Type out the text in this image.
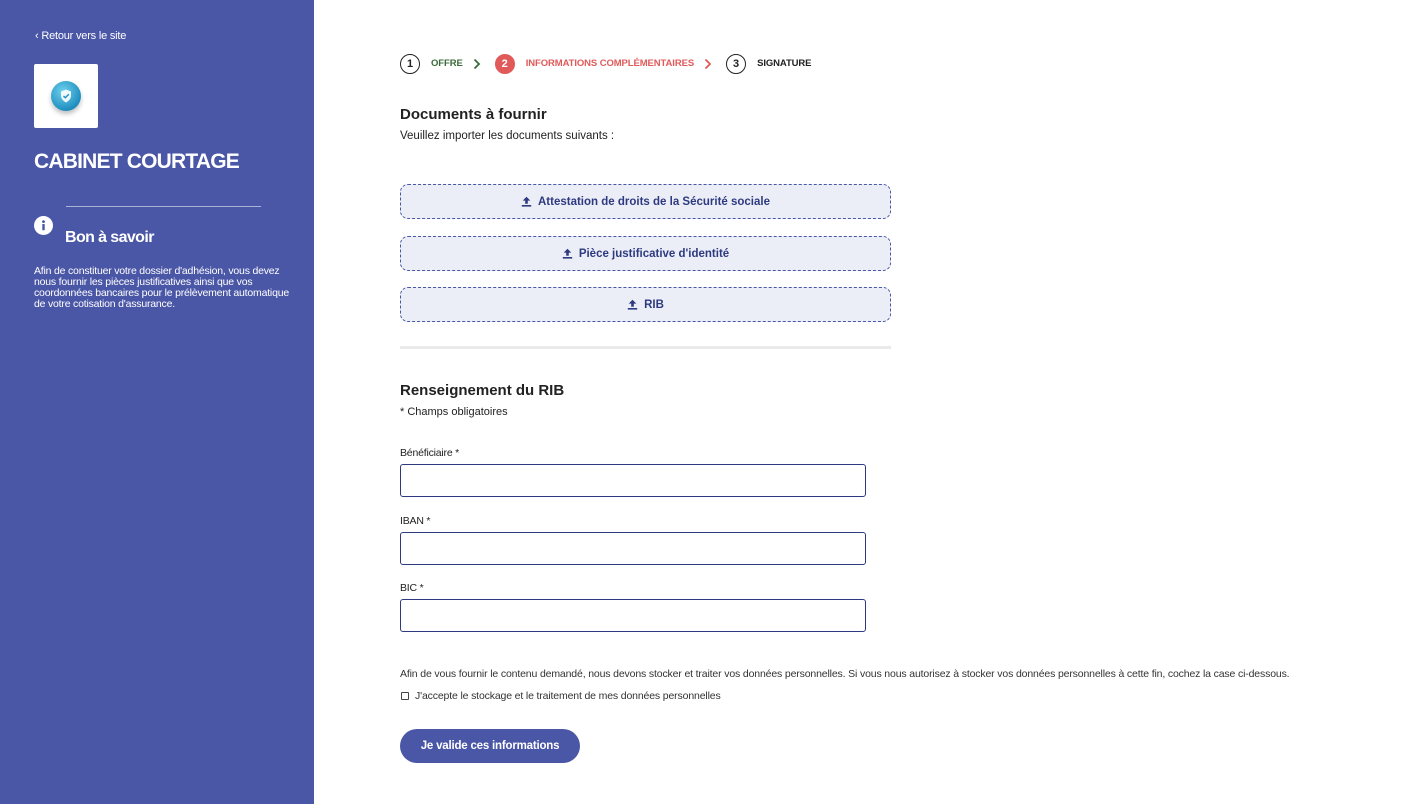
‹ Retour vers le site
CABINET COURTAGE
Bon à savoir

Afin de constituer votre dossier d'adhésion, vous devez nous fournir les pièces justificatives ainsi que vos coordonnées bancaires pour le prélèvement automatique de votre cotisation d'assurance.

1	OFFRE	2	INFORMATIONS COMPLÉMENTAIRES	3	SIGNATURE
Documents à fournir

Veuillez importer les documents suivants :

Attestation de droits de la Sécurité sociale
Pièce justificative d'identité
RIB
Renseignement du RIB

* Champs obligatoires

Bénéficiaire *
IBAN *
BIC *

Afin de vous fournir le contenu demandé, nous devons stocker et traiter vos données personnelles. Si vous nous autorisez à stocker vos données personnelles à cette fin, cochez la case ci-dessous.

J'accepte le stockage et le traitement de mes données personnelles
Je valide ces informations
